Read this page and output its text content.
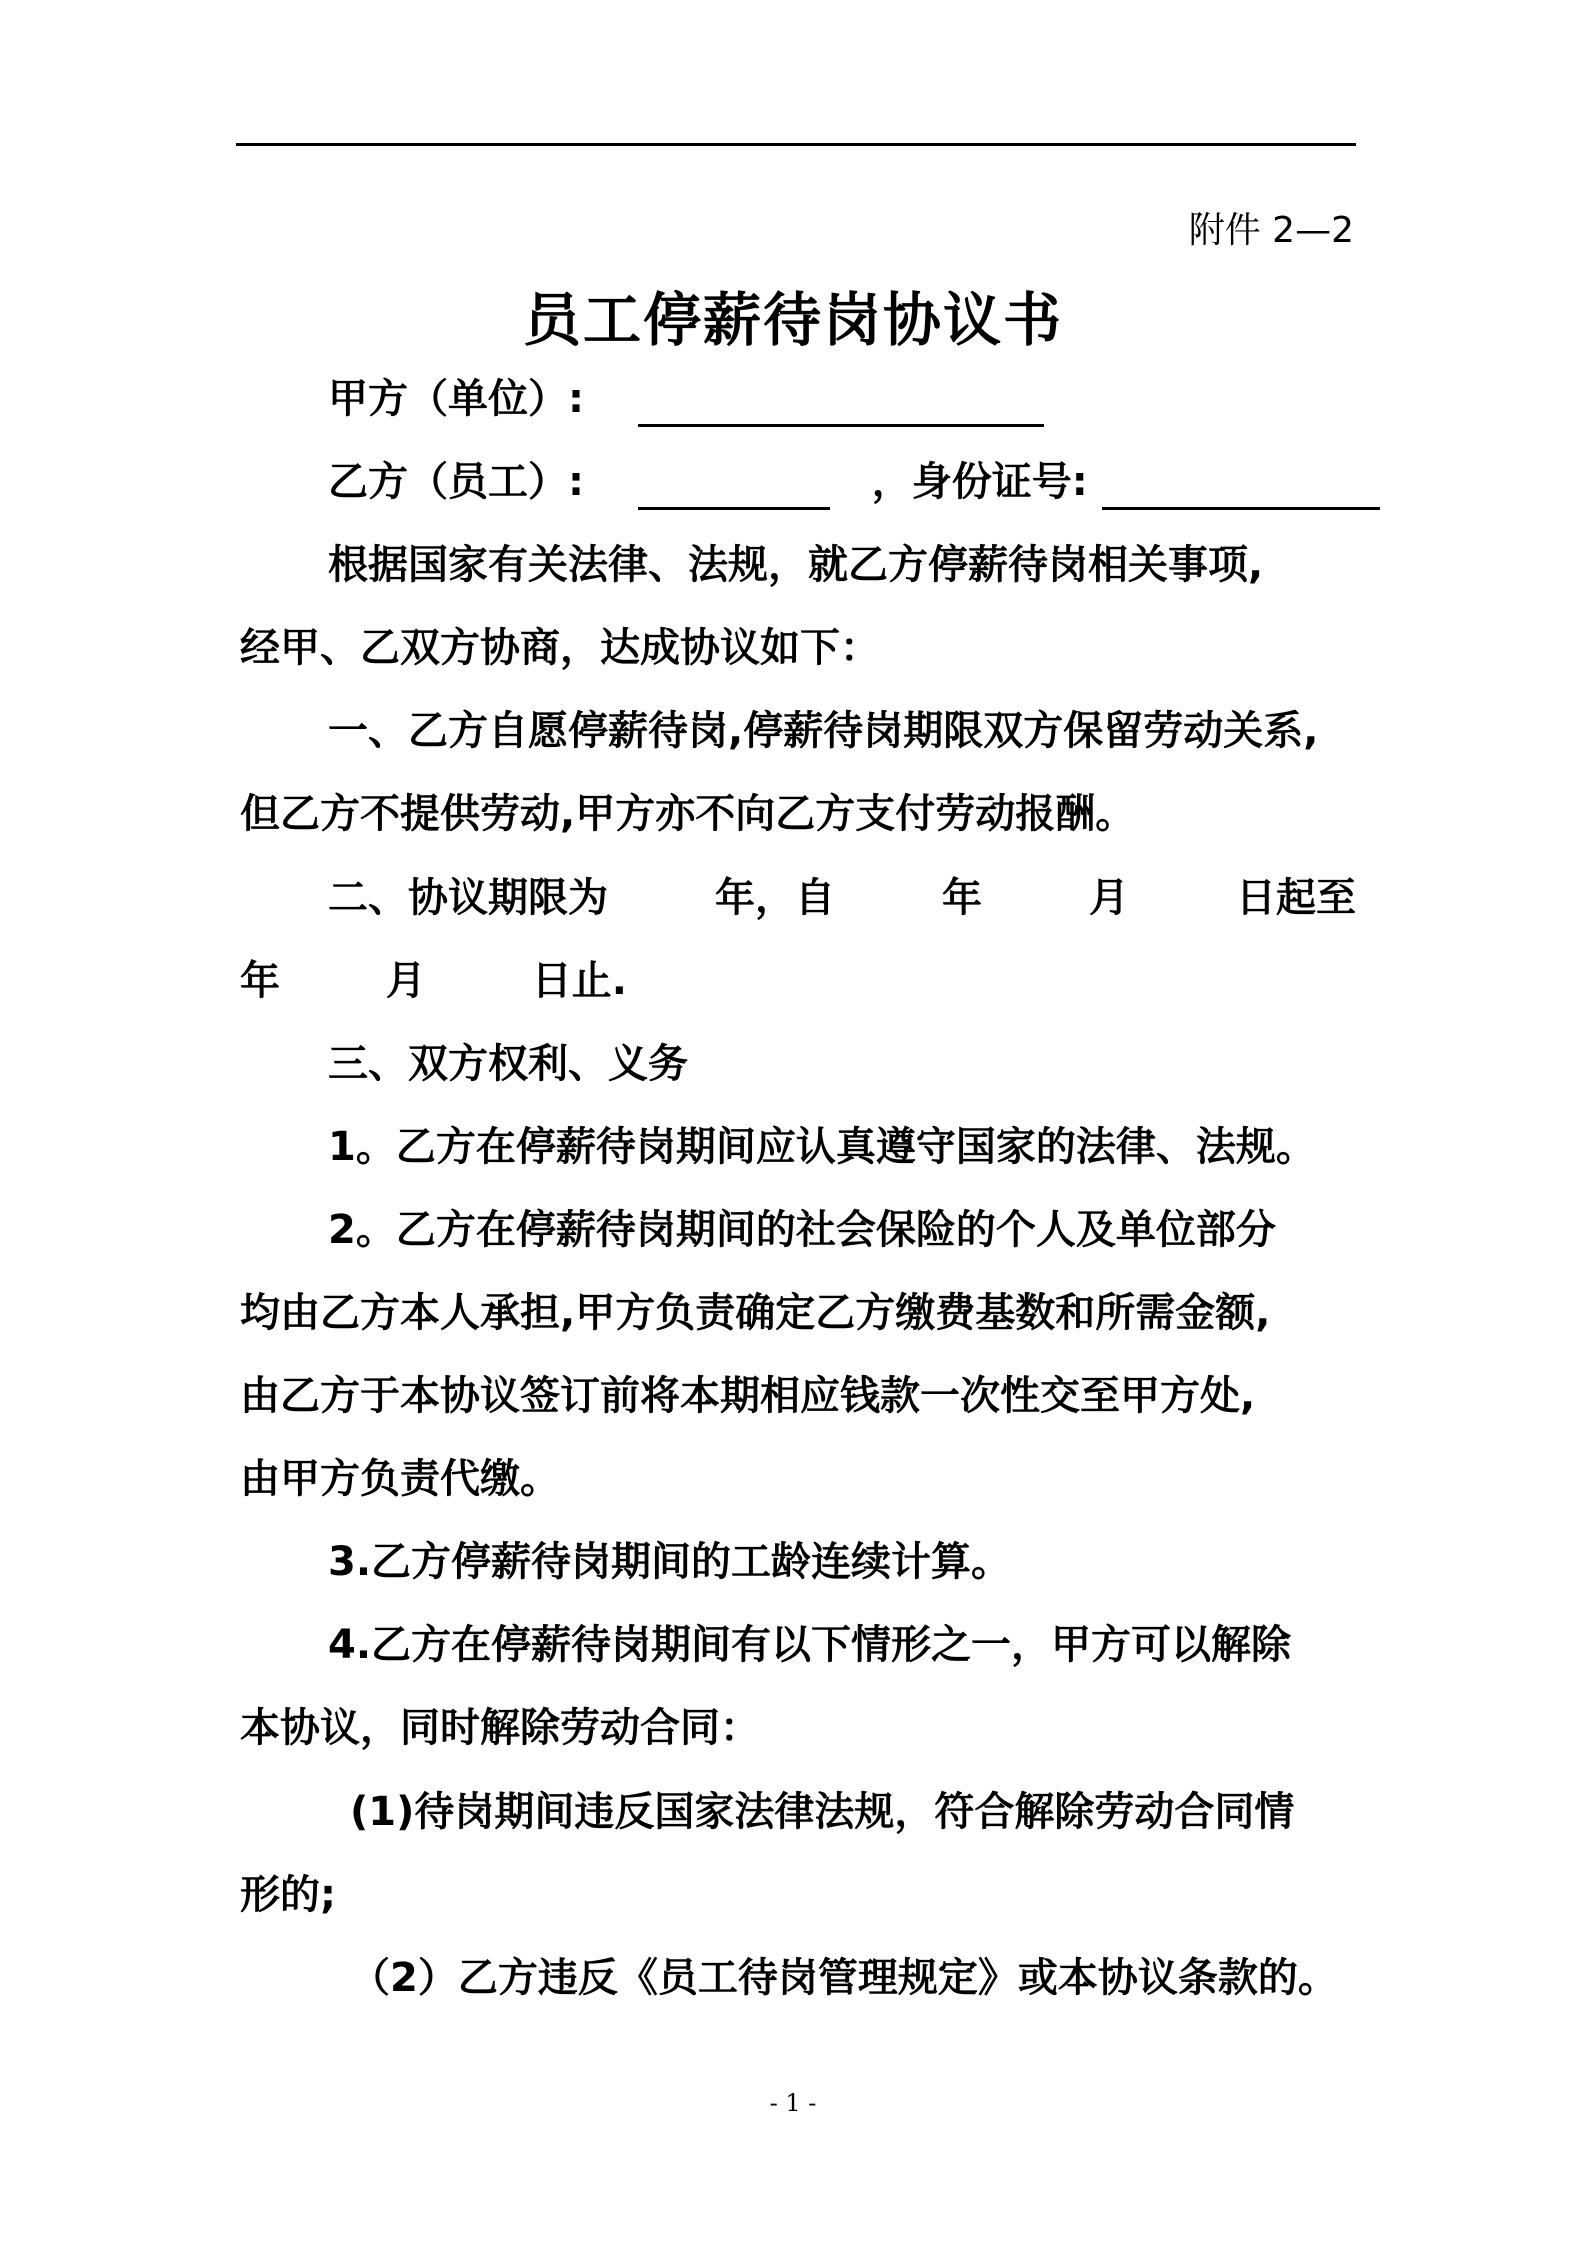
附件 2—2
员工停薪待岗协议书
甲方（单位）:
乙方（员工）:	，身份证号:
根据国家有关法律、法规，就乙方停薪待岗相关事项,
经甲、乙双方协商，达成协议如下：
一、乙方自愿停薪待岗,停薪待岗期限双方保留劳动关系,
但乙方不提供劳动,甲方亦不向乙方支付劳动报酬。
二、协议期限为	年，自	年	月	日起至
年	月	日止.
三、双方权利、义务
1。乙方在停薪待岗期间应认真遵守国家的法律、法规。
2。乙方在停薪待岗期间的社会保险的个人及单位部分
均由乙方本人承担,甲方负责确定乙方缴费基数和所需金额,
由乙方于本协议签订前将本期相应钱款一次性交至甲方处,
由甲方负责代缴。
3.乙方停薪待岗期间的工龄连续计算。
4.乙方在停薪待岗期间有以下情形之一，甲方可以解除
本协议，同时解除劳动合同：
(1)待岗期间违反国家法律法规，符合解除劳动合同情
形的;
（2）乙方违反《员工待岗管理规定》或本协议条款的。
- 1 -
